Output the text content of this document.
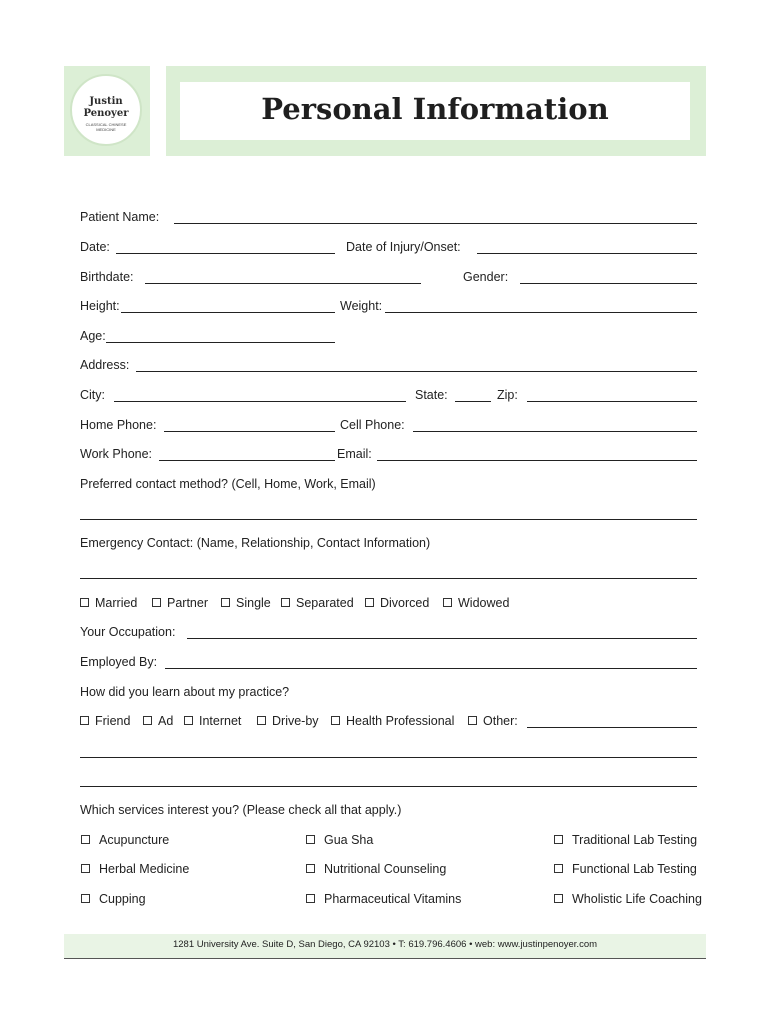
Justin
Penoyer
CLASSICAL CHINESE MEDICINE
Personal Information
Patient Name:
Date:	Date of Injury/Onset:
Birthdate:	Gender:
Height:	Weight:
Age:
Address:
City:	State:	Zip:
Home Phone:	Cell Phone:
Work Phone:	Email:
Preferred contact method? (Cell, Home, Work, Email)
Emergency Contact: (Name, Relationship, Contact Information)
Married Partner Single Separated Divorced Widowed
Your Occupation:
Employed By:
How did you learn about my practice?
Friend Ad Internet Drive-by Health Professional Other:
Which services interest you? (Please check all that apply.)
Acupuncture	Gua Sha	Traditional Lab Testing
Herbal Medicine	Nutritional Counseling	Functional Lab Testing
Cupping	Pharmaceutical Vitamins	Wholistic Life Coaching
1281 University Ave. Suite D, San Diego, CA 92103 • T: 619.796.4606 • web: www.justinpenoyer.com
